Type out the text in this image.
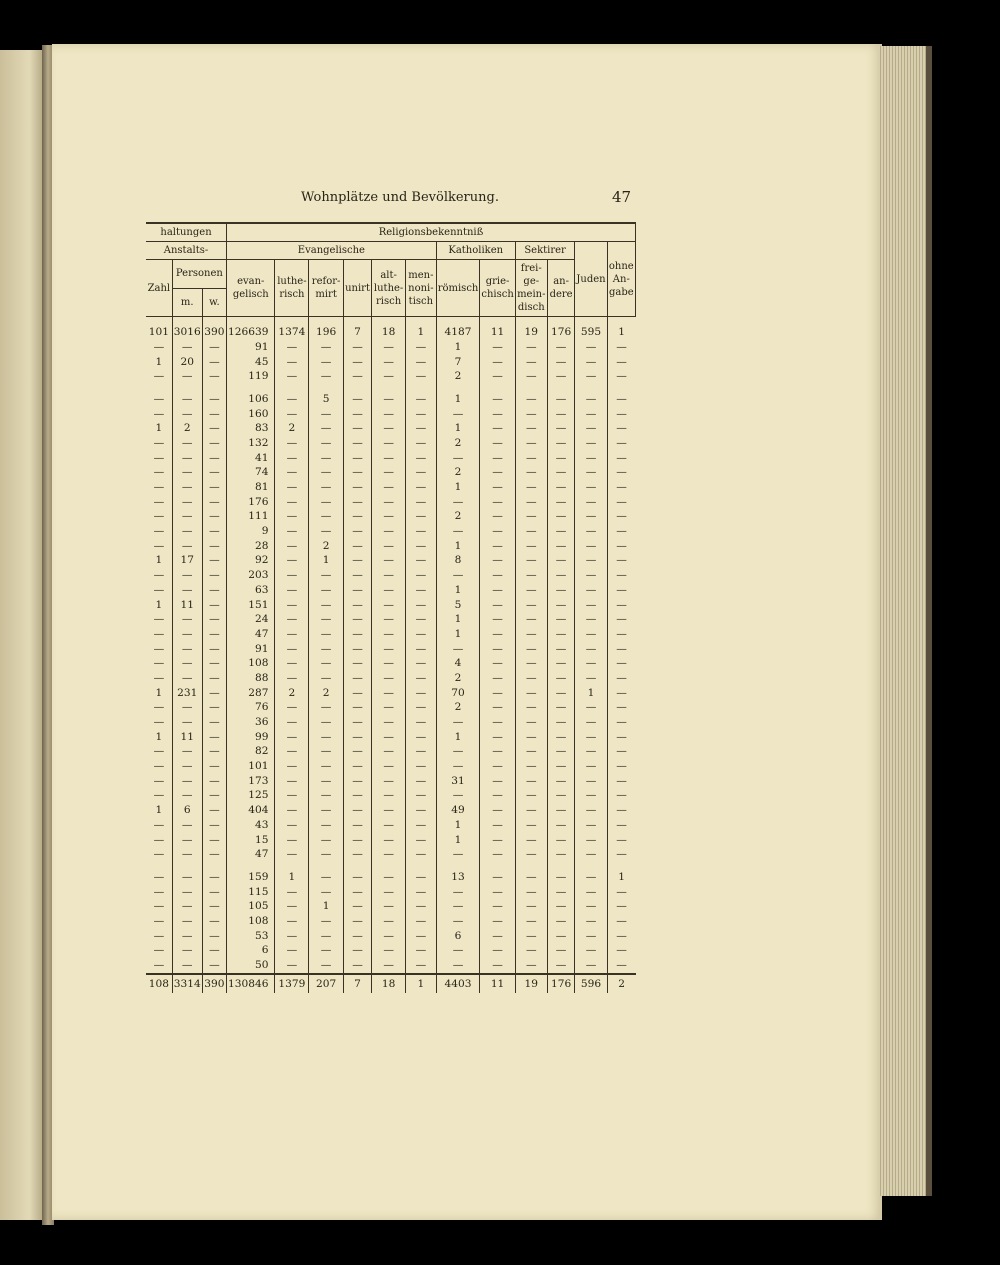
Wohnplätze und Bevölkerung.	47
haltungen			Religionsbekenntniß											
Anstalts-			Evangelische						Katholiken		Sektirer		Juden	ohne An-gabe
Zahl	Personen		evan-gelisch	luthe-risch	refor-mirt	unirt	alt-luthe-risch	men-noni-tisch	römisch	grie-chisch	frei-ge-mein-disch	an-dere		
	m.	w.												
101	3016	390	126639	1374	196	7	18	1	4187	11	19	176	595	1
—	—	—	91	—	—	—	—	—	1	—	—	—	—	—
1	20	—	45	—	—	—	—	—	7	—	—	—	—	—
—	—	—	119	—	—	—	—	—	2	—	—	—	—	—

—	—	—	106	—	5	—	—	—	1	—	—	—	—	—
—	—	—	160	—	—	—	—	—	—	—	—	—	—	—
1	2	—	83	2	—	—	—	—	1	—	—	—	—	—
—	—	—	132	—	—	—	—	—	2	—	—	—	—	—
—	—	—	41	—	—	—	—	—	—	—	—	—	—	—
—	—	—	74	—	—	—	—	—	2	—	—	—	—	—
—	—	—	81	—	—	—	—	—	1	—	—	—	—	—
—	—	—	176	—	—	—	—	—	—	—	—	—	—	—
—	—	—	111	—	—	—	—	—	2	—	—	—	—	—
—	—	—	9	—	—	—	—	—	—	—	—	—	—	—
—	—	—	28	—	2	—	—	—	1	—	—	—	—	—
1	17	—	92	—	1	—	—	—	8	—	—	—	—	—
—	—	—	203	—	—	—	—	—	—	—	—	—	—	—
—	—	—	63	—	—	—	—	—	1	—	—	—	—	—
1	11	—	151	—	—	—	—	—	5	—	—	—	—	—
—	—	—	24	—	—	—	—	—	1	—	—	—	—	—
—	—	—	47	—	—	—	—	—	1	—	—	—	—	—
—	—	—	91	—	—	—	—	—	—	—	—	—	—	—
—	—	—	108	—	—	—	—	—	4	—	—	—	—	—
—	—	—	88	—	—	—	—	—	2	—	—	—	—	—
1	231	—	287	2	2	—	—	—	70	—	—	—	1	—
—	—	—	76	—	—	—	—	—	2	—	—	—	—	—
—	—	—	36	—	—	—	—	—	—	—	—	—	—	—
1	11	—	99	—	—	—	—	—	1	—	—	—	—	—
—	—	—	82	—	—	—	—	—	—	—	—	—	—	—
—	—	—	101	—	—	—	—	—	—	—	—	—	—	—
—	—	—	173	—	—	—	—	—	31	—	—	—	—	—
—	—	—	125	—	—	—	—	—	—	—	—	—	—	—
1	6	—	404	—	—	—	—	—	49	—	—	—	—	—
—	—	—	43	—	—	—	—	—	1	—	—	—	—	—
—	—	—	15	—	—	—	—	—	1	—	—	—	—	—
—	—	—	47	—	—	—	—	—	—	—	—	—	—	—

—	—	—	159	1	—	—	—	—	13	—	—	—	—	1
—	—	—	115	—	—	—	—	—	—	—	—	—	—	—
—	—	—	105	—	1	—	—	—	—	—	—	—	—	—
—	—	—	108	—	—	—	—	—	—	—	—	—	—	—
—	—	—	53	—	—	—	—	—	6	—	—	—	—	—
—	—	—	6	—	—	—	—	—	—	—	—	—	—	—
—	—	—	50	—	—	—	—	—	—	—	—	—	—	—
108	3314	390	130846	1379	207	7	18	1	4403	11	19	176	596	2
